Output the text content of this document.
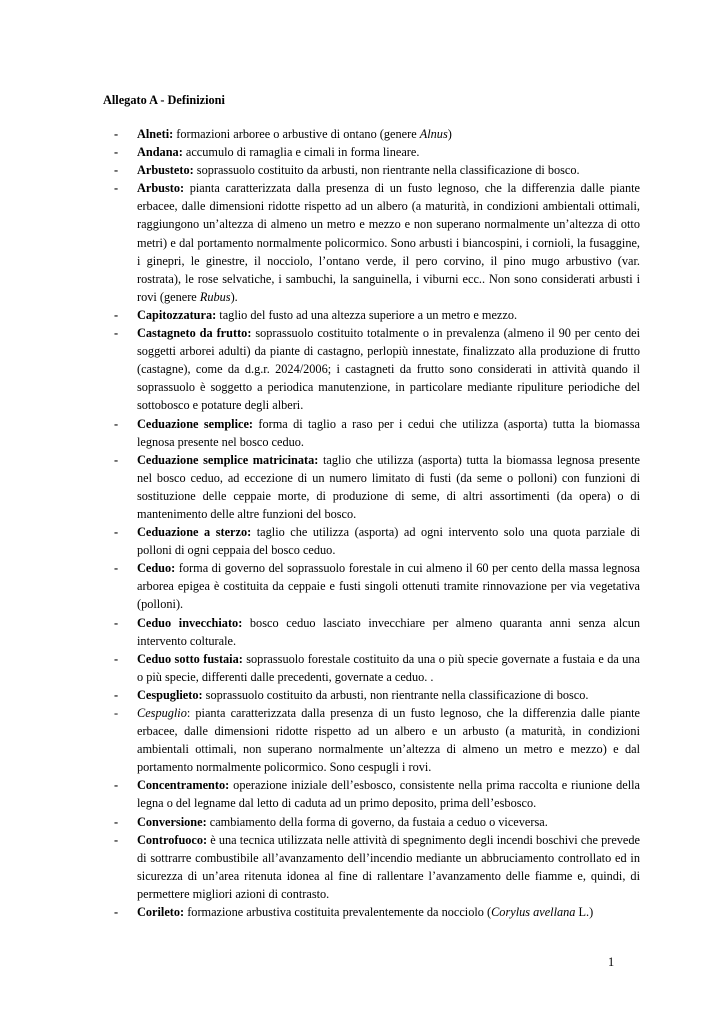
Allegato A - Definizioni
- Alneti: formazioni arboree o arbustive di ontano (genere Alnus)
- Andana: accumulo di ramaglia e cimali in forma lineare.
- Arbusteto: soprassuolo costituito da arbusti, non rientrante nella classificazione di bosco.
- Arbusto: pianta caratterizzata dalla presenza di un fusto legnoso, che la differenzia dalle piante erbacee, dalle dimensioni ridotte rispetto ad un albero (a maturità, in condizioni ambientali ottimali, raggiungono un’altezza di almeno un metro e mezzo e non superano normalmente un’altezza di otto metri) e dal portamento normalmente policormico. Sono arbusti i biancospini, i cornioli, la fusaggine, i ginepri, le ginestre, il nocciolo, l’ontano verde, il pero corvino, il pino mugo arbustivo (var. rostrata), le rose selvatiche, i sambuchi, la sanguinella, i viburni ecc.. Non sono considerati arbusti i rovi (genere Rubus).
- Capitozzatura: taglio del fusto ad una altezza superiore a un metro e mezzo.
- Castagneto da frutto: soprassuolo costituito totalmente o in prevalenza (almeno il 90 per cento dei soggetti arborei adulti) da piante di castagno, perlopiù innestate, finalizzato alla produzione di frutto (castagne), come da d.g.r. 2024/2006; i castagneti da frutto sono considerati in attività quando il soprassuolo è soggetto a periodica manutenzione, in particolare mediante ripuliture periodiche del sottobosco e potature degli alberi.
- Ceduazione semplice: forma di taglio a raso per i cedui che utilizza (asporta) tutta la biomassa legnosa presente nel bosco ceduo.
- Ceduazione semplice matricinata: taglio che utilizza (asporta) tutta la biomassa legnosa presente nel bosco ceduo, ad eccezione di un numero limitato di fusti (da seme o polloni) con funzioni di sostituzione delle ceppaie morte, di produzione di seme, di altri assortimenti (da opera) o di mantenimento delle altre funzioni del bosco.
- Ceduazione a sterzo: taglio che utilizza (asporta) ad ogni intervento solo una quota parziale di polloni di ogni ceppaia del bosco ceduo.
- Ceduo: forma di governo del soprassuolo forestale in cui almeno il 60 per cento della massa legnosa arborea epigea è costituita da ceppaie e fusti singoli ottenuti tramite rinnovazione per via vegetativa (polloni).
- Ceduo invecchiato: bosco ceduo lasciato invecchiare per almeno quaranta anni senza alcun intervento colturale.
- Ceduo sotto fustaia: soprassuolo forestale costituito da una o più specie governate a fustaia e da una o più specie, differenti dalle precedenti, governate a ceduo. .
- Cespuglieto: soprassuolo costituito da arbusti, non rientrante nella classificazione di bosco.
- Cespuglio: pianta caratterizzata dalla presenza di un fusto legnoso, che la differenzia dalle piante erbacee, dalle dimensioni ridotte rispetto ad un albero e un arbusto (a maturità, in condizioni ambientali ottimali, non superano normalmente un’altezza di almeno un metro e mezzo) e dal portamento normalmente policormico. Sono cespugli i rovi.
- Concentramento: operazione iniziale dell’esbosco, consistente nella prima raccolta e riunione della legna o del legname dal letto di caduta ad un primo deposito, prima dell’esbosco.
- Conversione: cambiamento della forma di governo, da fustaia a ceduo o viceversa.
- Controfuoco: è una tecnica utilizzata nelle attività di spegnimento degli incendi boschivi che prevede di sottrarre combustibile all’avanzamento dell’incendio mediante un abbruciamento controllato ed in sicurezza di un’area ritenuta idonea al fine di rallentare l’avanzamento delle fiamme e, quindi, di permettere migliori azioni di contrasto.
- Corileto: formazione arbustiva costituita prevalentemente da nocciolo (Corylus avellana L.)
1
